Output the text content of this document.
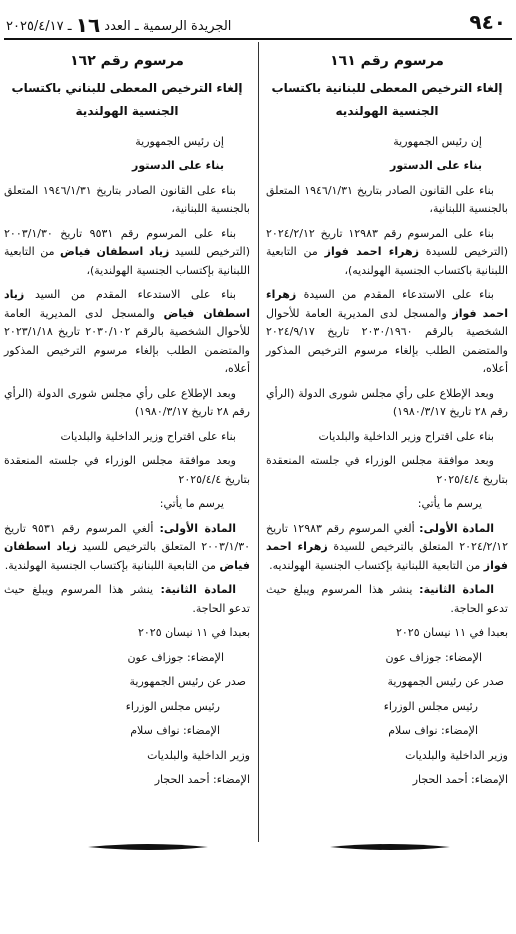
٩٤٠
الجريدة الرسمية ـ العدد ١٦ ـ ٢٠٢٥/٤/١٧
مرسوم رقم ١٦١
إلغاء الترخيص المعطى للبنانية باكتساب الجنسية الهولنديه

إن رئيس الجمهورية

بناء على الدستور

بناء على القانون الصادر بتاريخ ١٩٤٦/١/٣١ المتعلق بالجنسية اللبنانية،

بناء على المرسوم رقم ١٢٩٨٣ تاريخ ٢٠٢٤/٢/١٢ (الترخيص للسيدة زهراء احمد فواز من التابعية اللبنانية باكتساب الجنسية الهولنديه)،

بناء على الاستدعاء المقدم من السيدة زهراء احمد فواز والمسجل لدى المديرية العامة للأحوال الشخصية بالرقم ٢٠٣٠/١٩٦٠ تاريخ ٢٠٢٤/٩/١٧ والمتضمن الطلب بإلغاء مرسوم الترخيص المذكور أعلاه،

وبعد الإطلاع على رأي مجلس شورى الدولة (الرأي رقم ٢٨ تاريخ ١٩٨٠/٣/١٧)

بناء على اقتراح وزير الداخلية والبلديات

وبعد موافقة مجلس الوزراء في جلسته المنعقدة بتاريخ ٢٠٢٥/٤/٤

يرسم ما يأتي:

المادة الأولى: ألغي المرسوم رقم ١٢٩٨٣ تاريخ ٢٠٢٤/٢/١٢ المتعلق بالترخيص للسيدة زهراء احمد فواز من التابعية اللبنانية بإكتساب الجنسية الهولنديه.

المادة الثانية: ينشر هذا المرسوم ويبلغ حيث تدعو الحاجة.

بعبدا في ١١ نيسان ٢٠٢٥

الإمضاء: جوزاف عون

صدر عن رئيس الجمهورية

رئيس مجلس الوزراء

الإمضاء: نواف سلام

وزير الداخلية والبلديات

الإمضاء: أحمد الحجار

مرسوم رقم ١٦٢
إلغاء الترخيص المعطى للبناني باكتساب الجنسية الهولندية

إن رئيس الجمهورية

بناء على الدستور

بناء على القانون الصادر بتاريخ ١٩٤٦/١/٣١ المتعلق بالجنسية اللبنانية،

بناء على المرسوم رقم ٩٥٣١ تاريخ ٢٠٠٣/١/٣٠ (الترخيص للسيد زياد اسطفان فياض من التابعية اللبنانية بإكتساب الجنسية الهولندية)،

بناء على الاستدعاء المقدم من السيد زياد اسطفان فياض والمسجل لدى المديرية العامة للأحوال الشخصية بالرقم ٢٠٣٠/١٠٢ تاريخ ٢٠٢٣/١/١٨ والمتضمن الطلب بإلغاء مرسوم الترخيص المذكور أعلاه،

وبعد الإطلاع على رأي مجلس شورى الدولة (الرأي رقم ٢٨ تاريخ ١٩٨٠/٣/١٧)

بناء على اقتراح وزير الداخلية والبلديات

وبعد موافقة مجلس الوزراء في جلسته المنعقدة بتاريخ ٢٠٢٥/٤/٤

يرسم ما يأتي:

المادة الأولى: ألغي المرسوم رقم ٩٥٣١ تاريخ ٢٠٠٣/١/٣٠ المتعلق بالترخيص للسيد زياد اسطفان فياض من التابعية اللبنانية بإكتساب الجنسية الهولندية.

المادة الثانية: ينشر هذا المرسوم ويبلغ حيث تدعو الحاجة.

بعبدا في ١١ نيسان ٢٠٢٥

الإمضاء: جوزاف عون

صدر عن رئيس الجمهورية

رئيس مجلس الوزراء

الإمضاء: نواف سلام

وزير الداخلية والبلديات

الإمضاء: أحمد الحجار
